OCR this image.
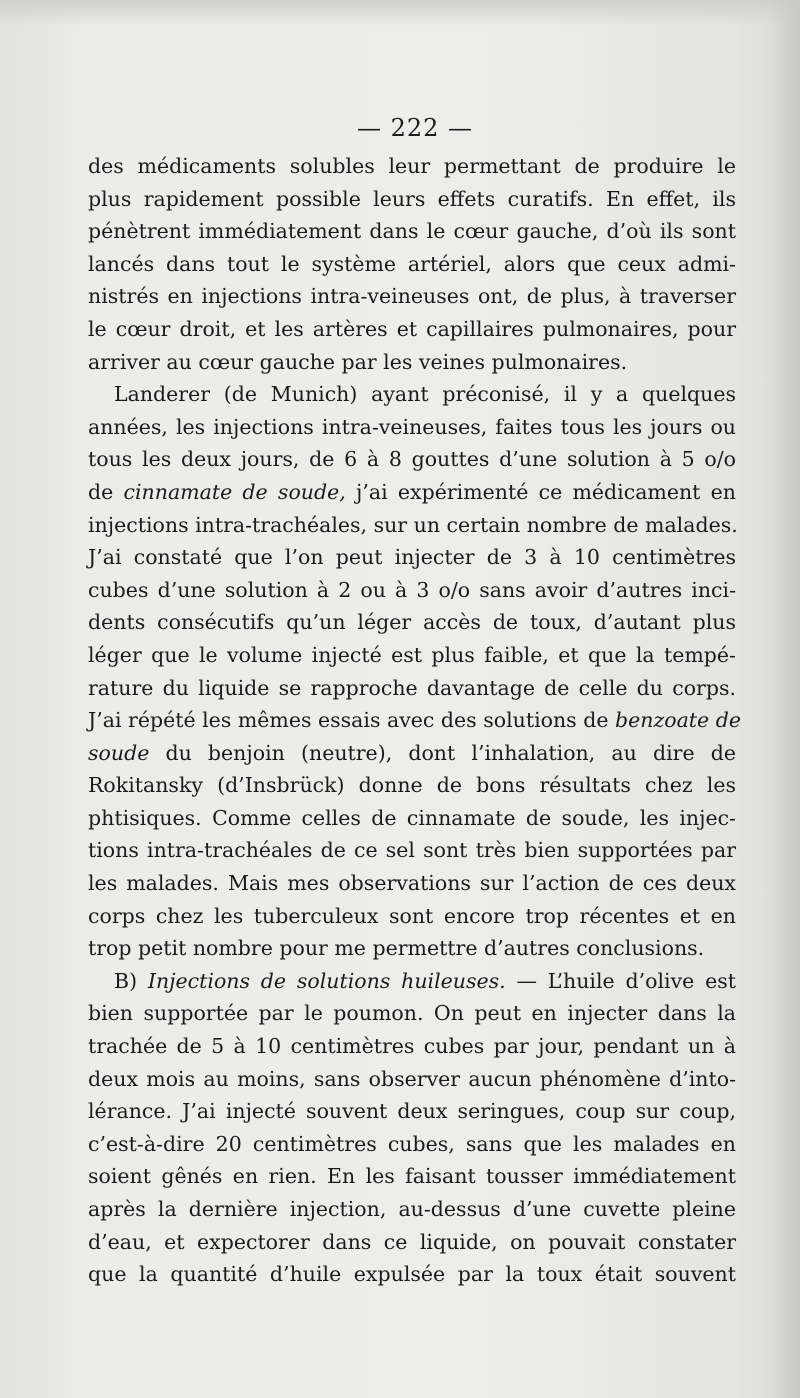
— 222 —
des médicaments solubles leur permettant de produire le
plus rapidement possible leurs effets curatifs. En effet, ils
pénètrent immédiatement dans le cœur gauche, d’où ils sont
lancés dans tout le système artériel, alors que ceux admi-
nistrés en injections intra-veineuses ont, de plus, à traverser
le cœur droit, et les artères et capillaires pulmonaires, pour
arriver au cœur gauche par les veines pulmonaires.
Landerer (de Munich) ayant préconisé, il y a quelques
années, les injections intra-veineuses, faites tous les jours ou
tous les deux jours, de 6 à 8 gouttes d’une solution à 5 o/o
de cinnamate de soude, j’ai expérimenté ce médicament en
injections intra-trachéales, sur un certain nombre de malades.
J’ai constaté que l’on peut injecter de 3 à 10 centimètres
cubes d’une solution à 2 ou à 3 o/o sans avoir d’autres inci-
dents consécutifs qu’un léger accès de toux, d’autant plus
léger que le volume injecté est plus faible, et que la tempé-
rature du liquide se rapproche davantage de celle du corps.
J’ai répété les mêmes essais avec des solutions de benzoate de
soude du benjoin (neutre), dont l’inhalation, au dire de
Rokitansky (d’Insbrück) donne de bons résultats chez les
phtisiques. Comme celles de cinnamate de soude, les injec-
tions intra-trachéales de ce sel sont très bien supportées par
les malades. Mais mes observations sur l’action de ces deux
corps chez les tuberculeux sont encore trop récentes et en
trop petit nombre pour me permettre d’autres conclusions.
B) Injections de solutions huileuses. — L’huile d’olive est
bien supportée par le poumon. On peut en injecter dans la
trachée de 5 à 10 centimètres cubes par jour, pendant un à
deux mois au moins, sans observer aucun phénomène d’into-
lérance. J’ai injecté souvent deux seringues, coup sur coup,
c’est-à-dire 20 centimètres cubes, sans que les malades en
soient gênés en rien. En les faisant tousser immédiatement
après la dernière injection, au-dessus d’une cuvette pleine
d’eau, et expectorer dans ce liquide, on pouvait constater
que la quantité d’huile expulsée par la toux était souvent
